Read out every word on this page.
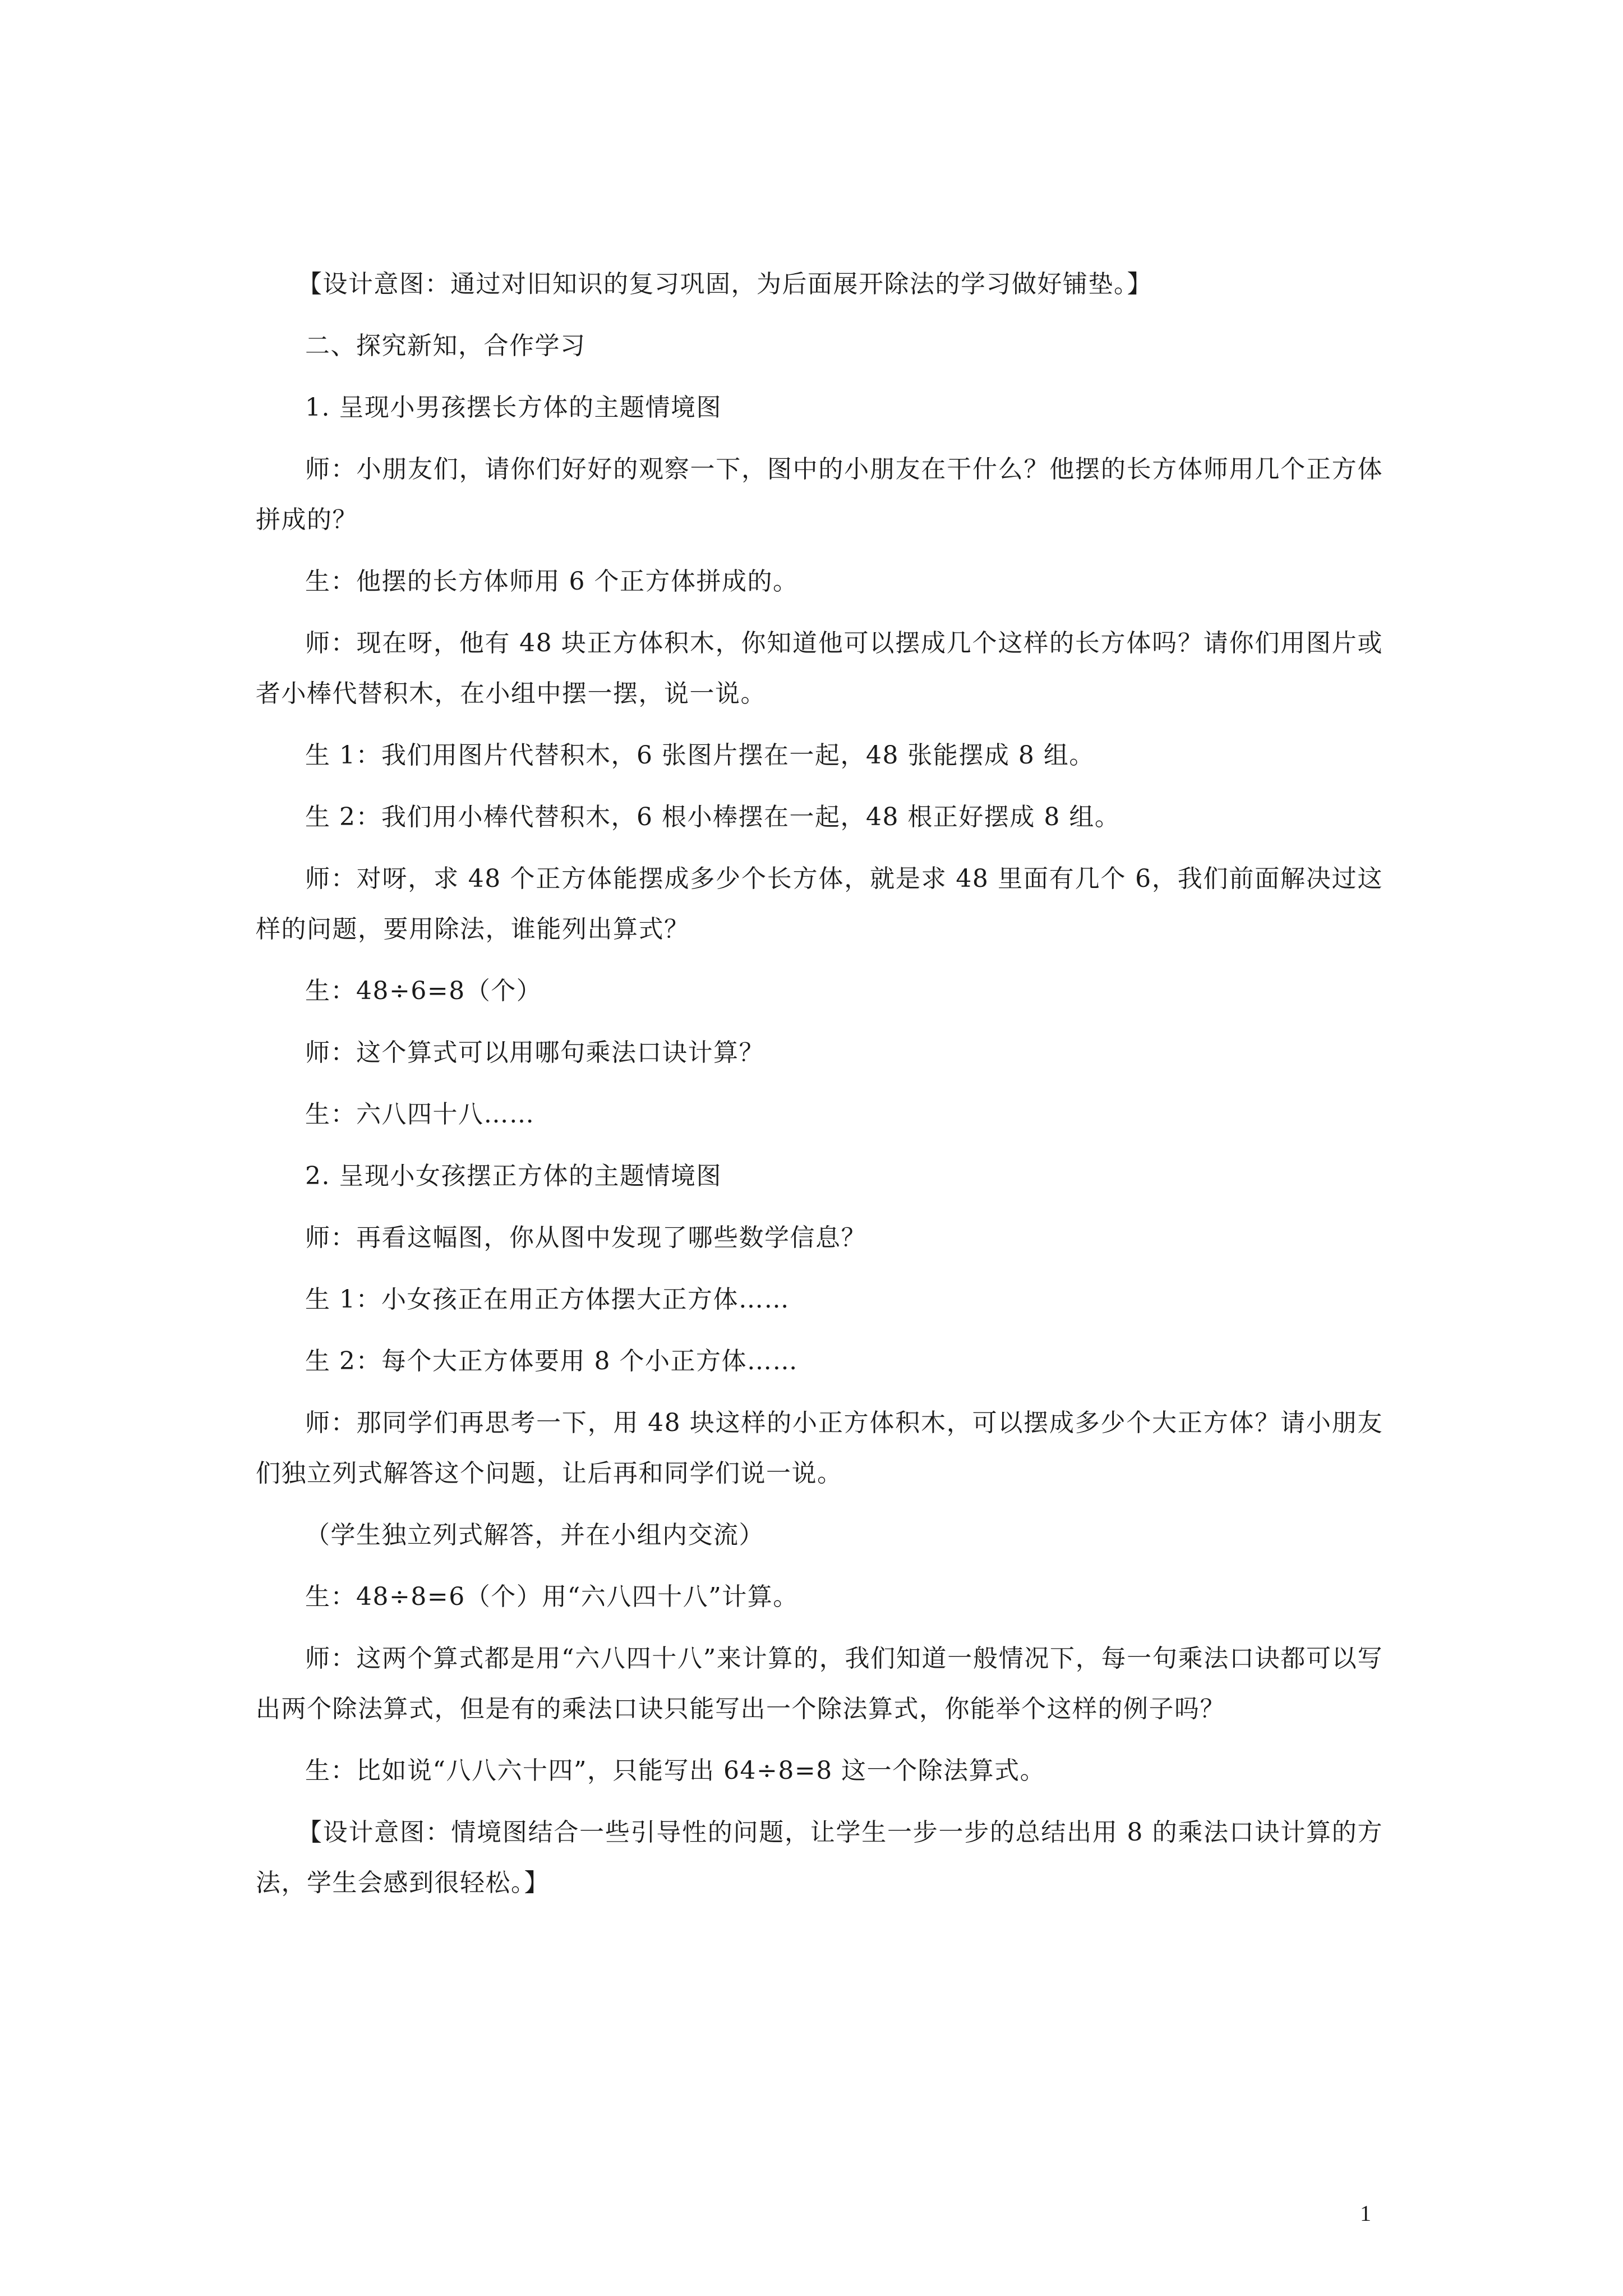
【设计意图：通过对旧知识的复习巩固，为后面展开除法的学习做好铺垫。】

二、探究新知，合作学习

1. 呈现小男孩摆长方体的主题情境图

师：小朋友们，请你们好好的观察一下，图中的小朋友在干什么？他摆的长方体师用几个正方体拼成的？

生：他摆的长方体师用 6 个正方体拼成的。

师：现在呀，他有 48 块正方体积木，你知道他可以摆成几个这样的长方体吗？请你们用图片或者小棒代替积木，在小组中摆一摆，说一说。

生 1：我们用图片代替积木，6 张图片摆在一起，48 张能摆成 8 组。

生 2：我们用小棒代替积木，6 根小棒摆在一起，48 根正好摆成 8 组。

师：对呀，求 48 个正方体能摆成多少个长方体，就是求 48 里面有几个 6，我们前面解决过这样的问题，要用除法，谁能列出算式？

生：48÷6=8（个）

师：这个算式可以用哪句乘法口诀计算？

生：六八四十八……

2. 呈现小女孩摆正方体的主题情境图

师：再看这幅图，你从图中发现了哪些数学信息？

生 1：小女孩正在用正方体摆大正方体……

生 2：每个大正方体要用 8 个小正方体……

师：那同学们再思考一下，用 48 块这样的小正方体积木，可以摆成多少个大正方体？请小朋友们独立列式解答这个问题，让后再和同学们说一说。

（学生独立列式解答，并在小组内交流）

生：48÷8=6（个）用“六八四十八”计算。

师：这两个算式都是用“六八四十八”来计算的，我们知道一般情况下，每一句乘法口诀都可以写出两个除法算式，但是有的乘法口诀只能写出一个除法算式，你能举个这样的例子吗？

生：比如说“八八六十四”，只能写出 64÷8=8 这一个除法算式。

【设计意图：情境图结合一些引导性的问题，让学生一步一步的总结出用 8 的乘法口诀计算的方法，学生会感到很轻松。】

1
